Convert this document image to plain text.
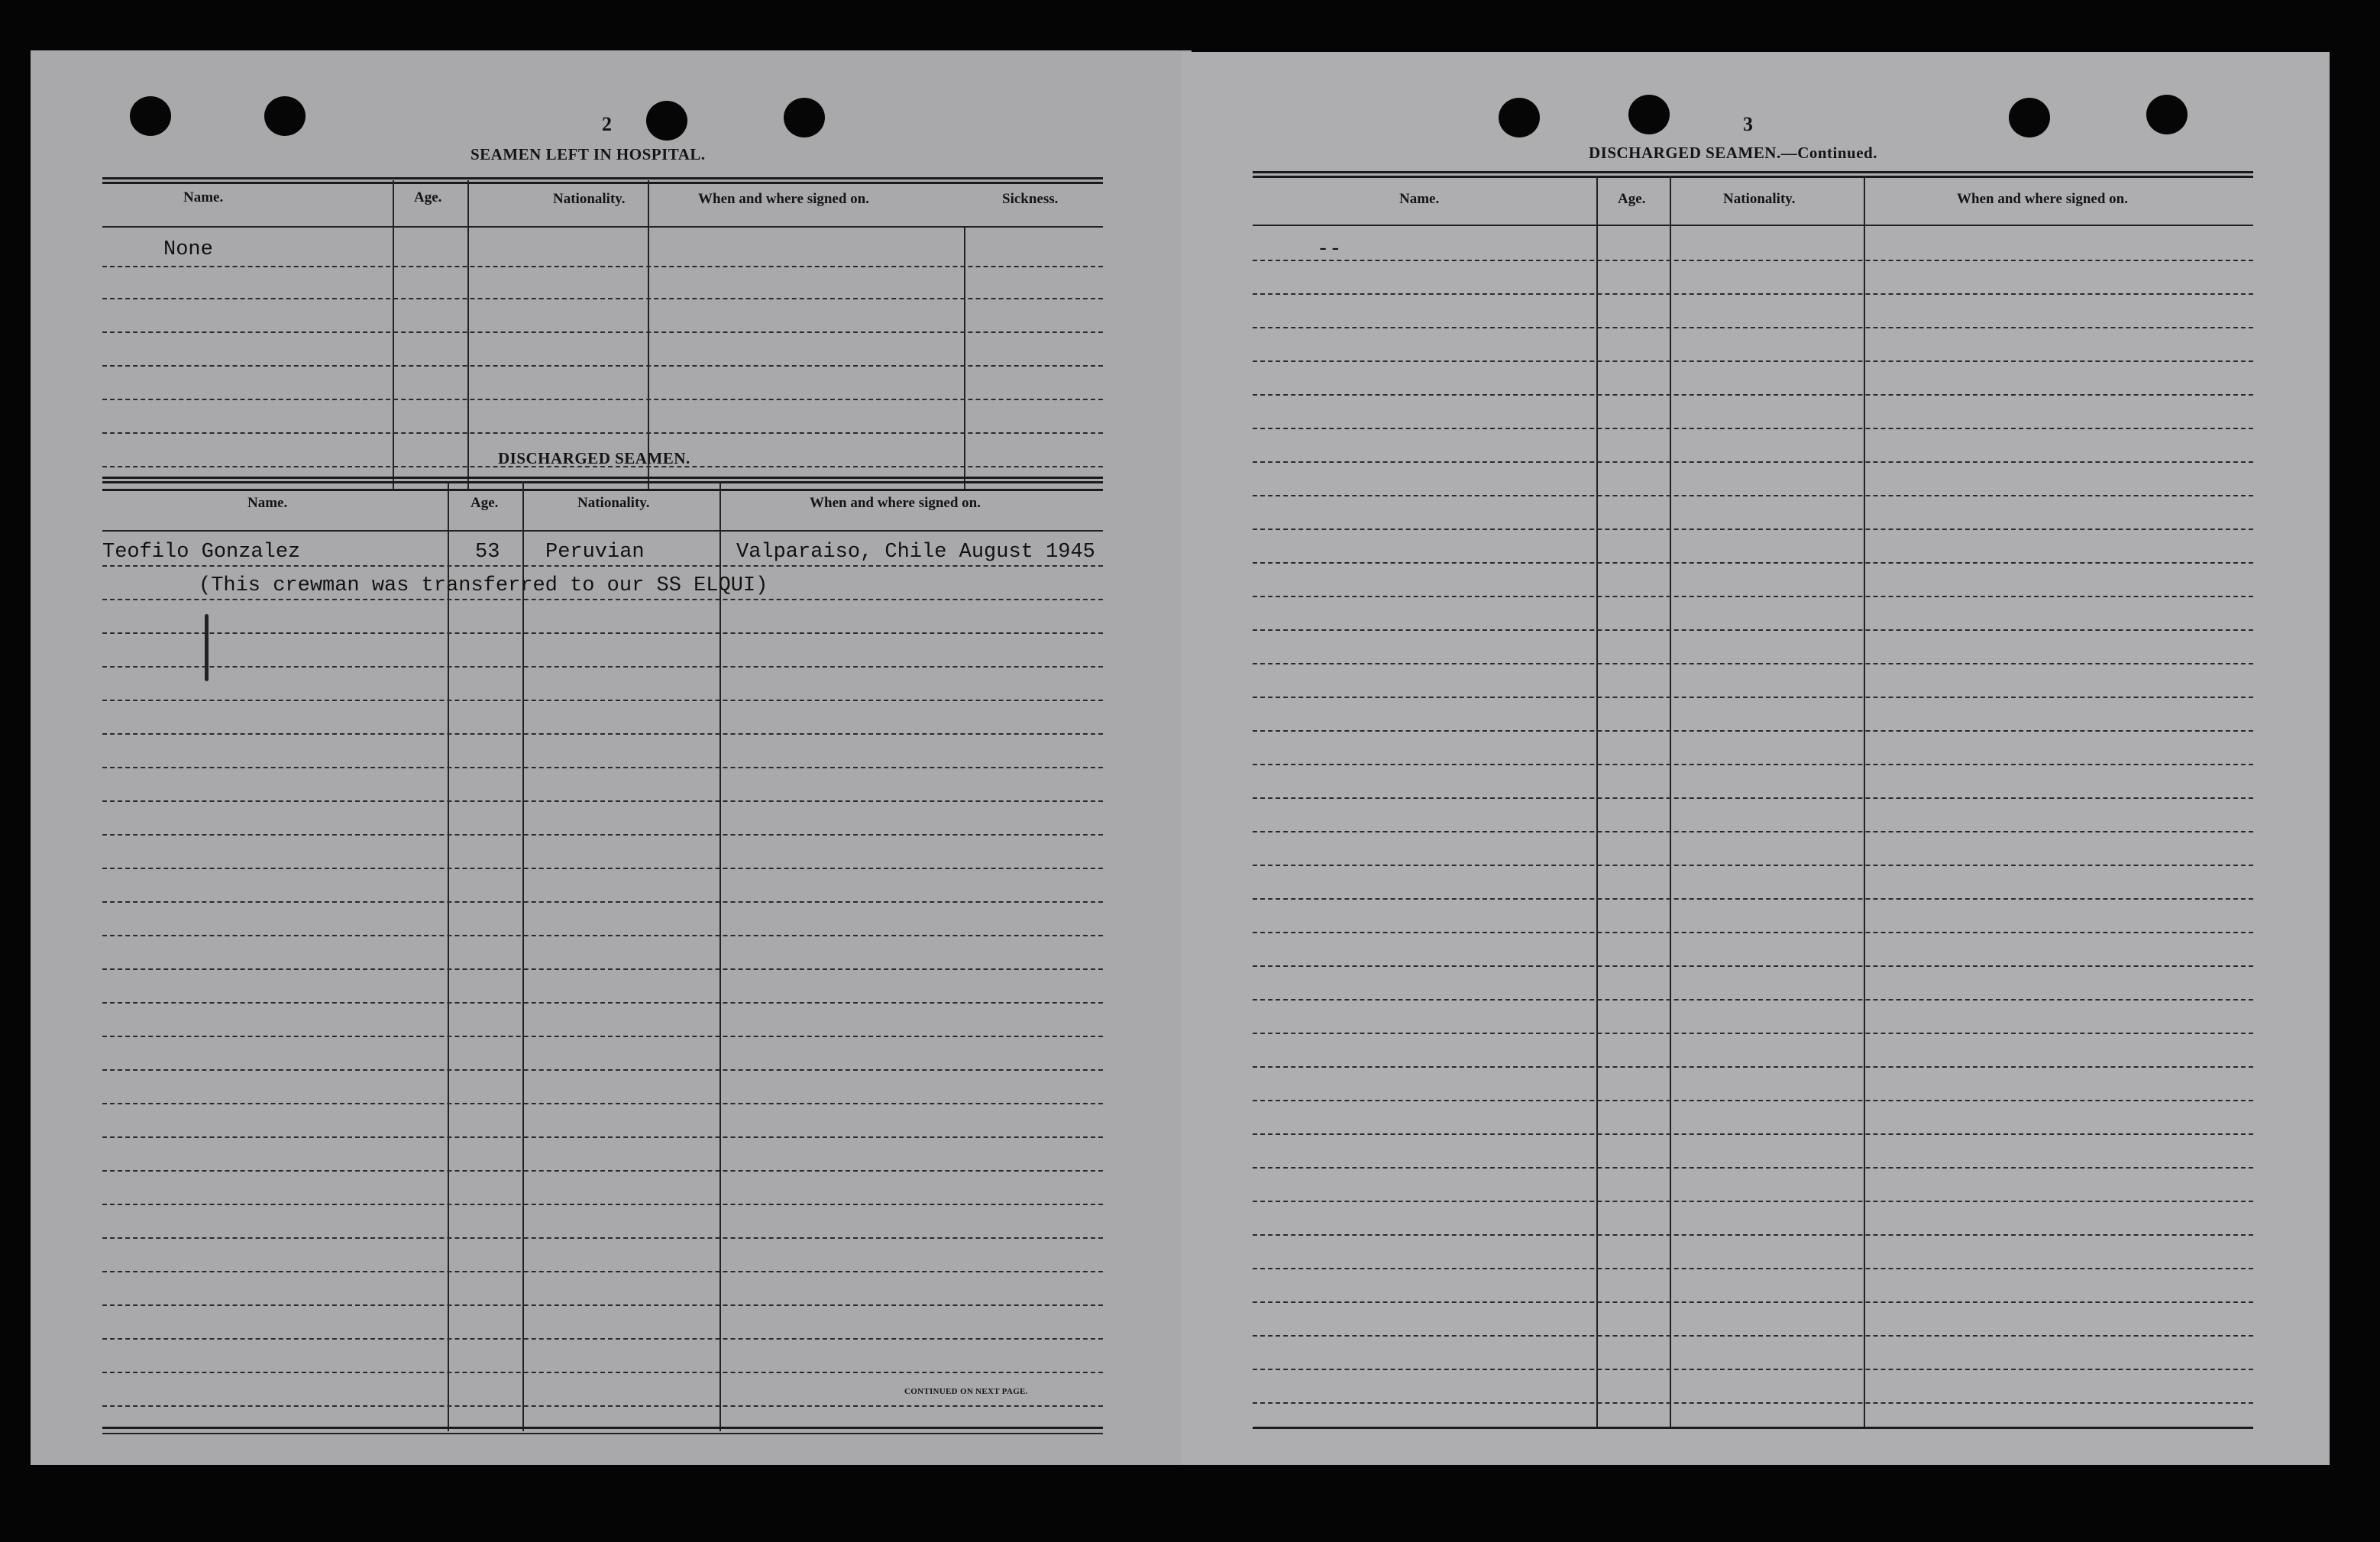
2
SEAMEN LEFT IN HOSPITAL.
Name.	Age.	Nationality.	When and where signed on.	Sickness.
None
DISCHARGED SEAMEN.
Name.	Age.	Nationality.	When and where signed on.
Teofilo Gonzalez	53 Peruvian	Valparaiso, Chile August 1945
(This crewman was transferred to our SS ELQUI)
CONTINUED ON NEXT PAGE.
3
DISCHARGED SEAMEN.—Continued.
Name.	Age.	Nationality.	When and where signed on.
--
